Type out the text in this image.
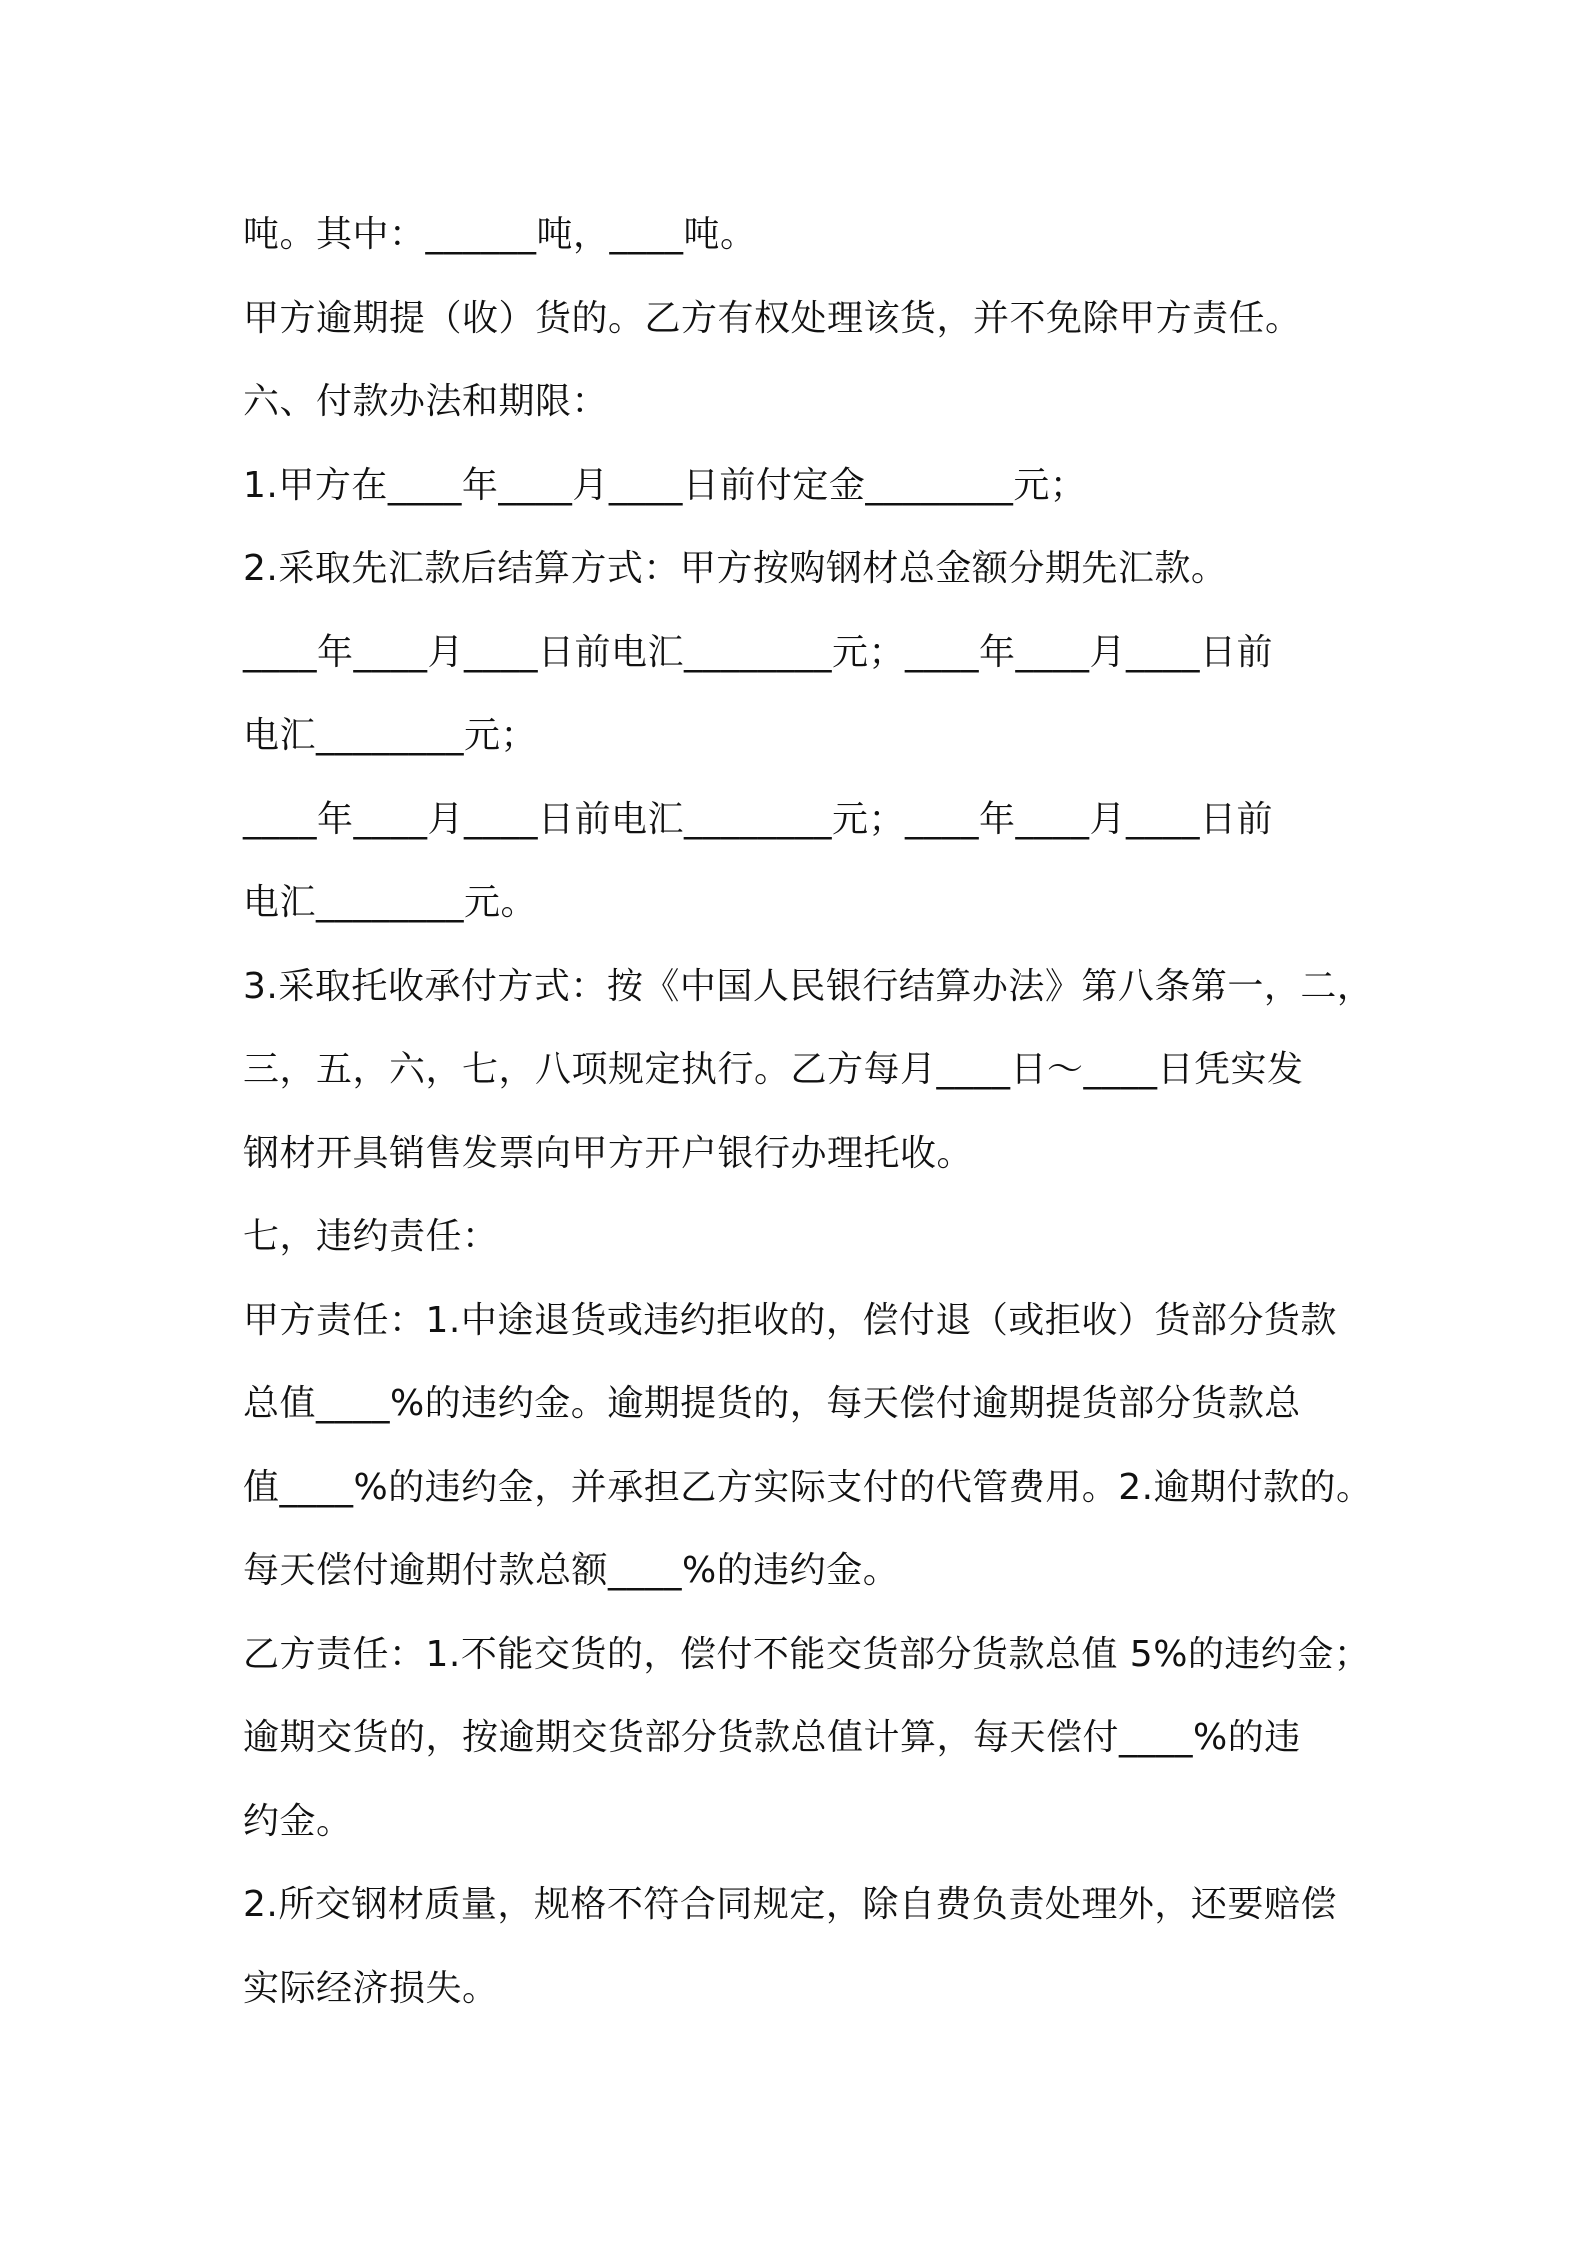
吨。其中：______吨，____吨。
甲方逾期提（收）货的。乙方有权处理该货，并不免除甲方责任。
六、付款办法和期限：
1.甲方在____年____月____日前付定金________元；
2.采取先汇款后结算方式：甲方按购钢材总金额分期先汇款。
____年____月____日前电汇________元；____年____月____日前
电汇________元；
____年____月____日前电汇________元；____年____月____日前
电汇________元。
3.采取托收承付方式：按《中国人民银行结算办法》第八条第一，二，
三，五，六，七，八项规定执行。乙方每月____日～____日凭实发
钢材开具销售发票向甲方开户银行办理托收。
七，违约责任：
甲方责任：1.中途退货或违约拒收的，偿付退（或拒收）货部分货款
总值____%的违约金。逾期提货的，每天偿付逾期提货部分货款总
值____%的违约金，并承担乙方实际支付的代管费用。2.逾期付款的。
每天偿付逾期付款总额____%的违约金。
乙方责任：1.不能交货的，偿付不能交货部分货款总值 5%的违约金；
逾期交货的，按逾期交货部分货款总值计算，每天偿付____%的违
约金。
2.所交钢材质量，规格不符合同规定，除自费负责处理外，还要赔偿
实际经济损失。
